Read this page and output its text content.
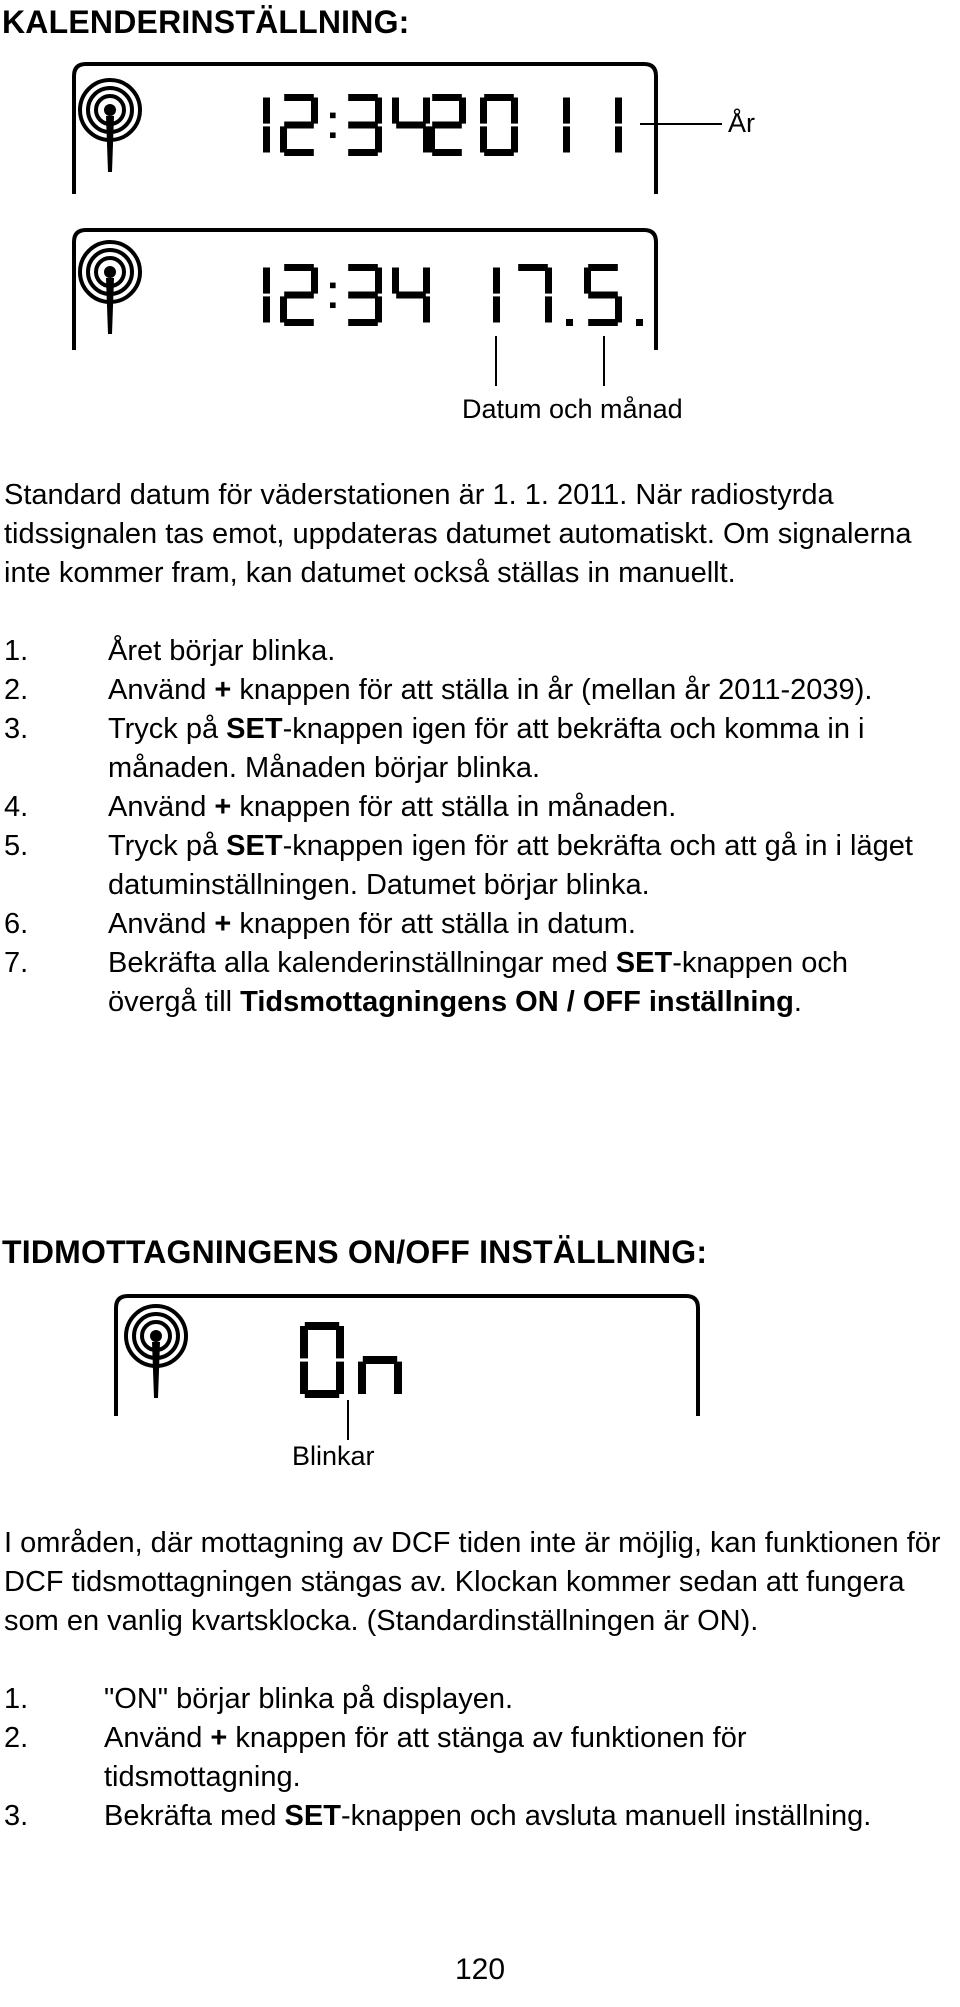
KALENDERINSTÄLLNING:
År
Datum och månad
Standard datum för väderstationen är 1. 1. 2011. När radiostyrda tidssignalen tas emot, uppdateras datumet automatiskt. Om signalerna inte kommer fram, kan datumet också ställas in manuellt.
1.	Året börjar blinka.
2.	Använd + knappen för att ställa in år (mellan år 2011-2039).
3.	Tryck på SET-knappen igen för att bekräfta och komma in i månaden. Månaden börjar blinka.
4.	Använd + knappen för att ställa in månaden.
5.	Tryck på SET-knappen igen för att bekräfta och att gå in i läget datuminställningen. Datumet börjar blinka.
6.	Använd + knappen för att ställa in datum.
7.	Bekräfta alla kalenderinställningar med SET-knappen och övergå till Tidsmottagningens ON / OFF inställning.
TIDMOTTAGNINGENS ON/OFF INSTÄLLNING:
Blinkar
I områden, där mottagning av DCF tiden inte är möjlig, kan funktionen för DCF tidsmottagningen stängas av. Klockan kommer sedan att fungera som en vanlig kvartsklocka. (Standardinställningen är ON).
1.	"ON" börjar blinka på displayen.
2.	Använd + knappen för att stänga av funktionen för tidsmottagning.
3.	Bekräfta med SET-knappen och avsluta manuell inställning.
120
